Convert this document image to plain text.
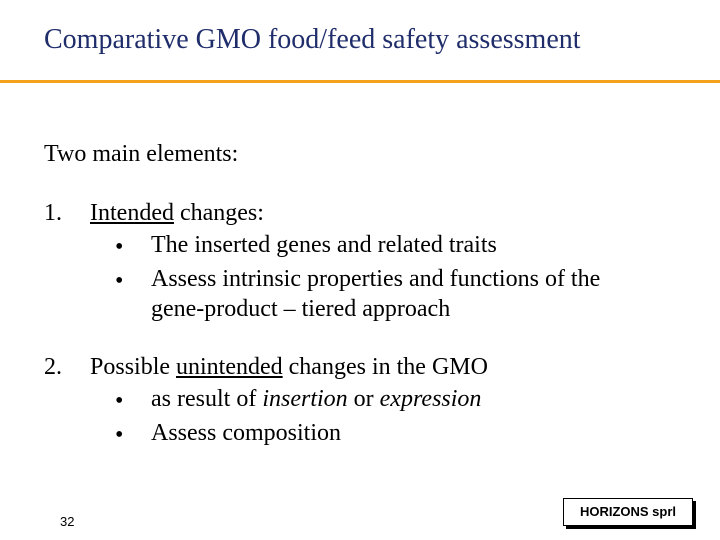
Comparative GMO food/feed safety assessment
Two main elements:
1. Intended changes:
• The inserted genes and related traits
• Assess intrinsic properties and functions of the
gene-product – tiered approach
2. Possible unintended changes in the GMO
• as result of insertion or expression
• Assess composition
32
HORIZONS sprl
